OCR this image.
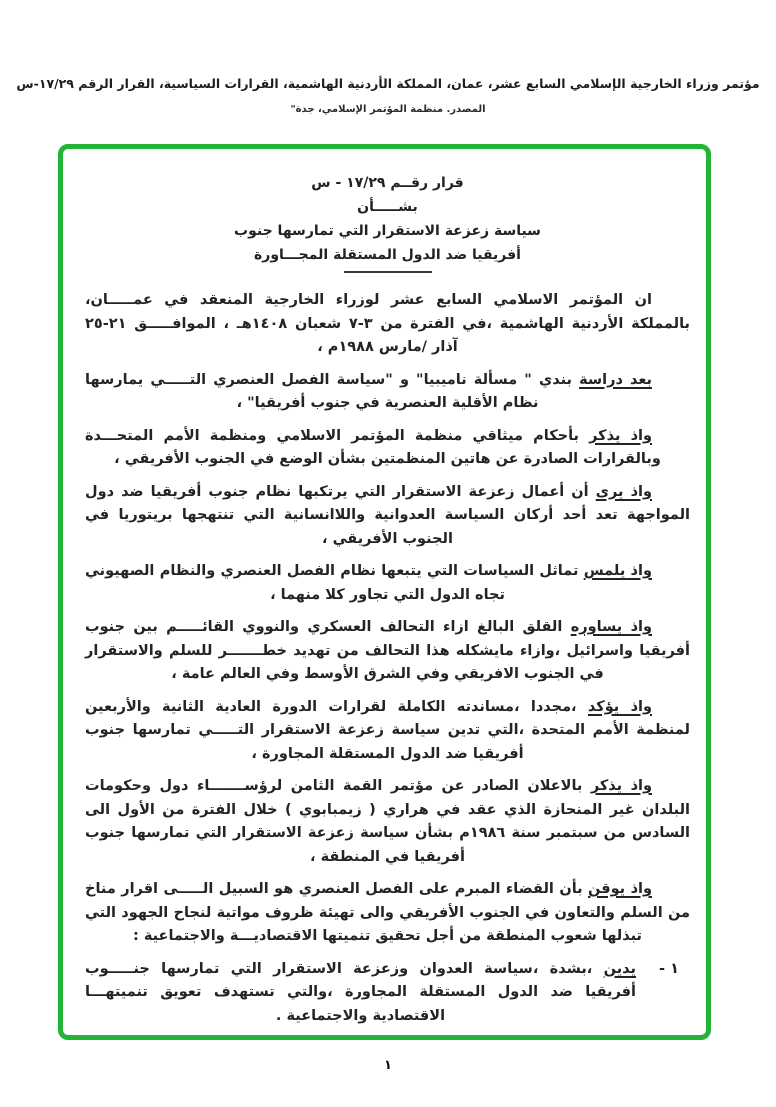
مؤتمر وزراء الخارجية الإسلامي السابع عشر، عمان، المملكة الأردنية الهاشمية، القرارات السياسية، القرار الرقم ١٧/٢٩-س
المصدر. منظمة المؤتمر الإسلامي، جدة"
قرار رقــم ١٧/٢٩ - س
بشـــــأن
سياسة زعزعة الاستقرار التي تمارسها جنوب
أفريقيا ضد الدول المستقلة المجـــاورة

ان المؤتمر الاسلامي السابع عشر لوزراء الخارجية المنعقد في عمـــــان، بالمملكة الأردنية الهاشمية ،في الفترة من ٣-٧ شعبان ١٤٠٨هـ ، الموافـــــق ٢١-٢٥ آذار /مارس ١٩٨٨م ،

بعد دراسة بندي " مسألة ناميبيا" و "سياسة الفصل العنصري التـــــي يمارسها نظام الأقلية العنصرية في جنوب أفريقيا" ،

واذ يذكر بأحكام ميثاقي منظمة المؤتمر الاسلامي ومنظمة الأمم المتحـــدة وبالقرارات الصادرة عن هاتين المنظمتين بشأن الوضع في الجنوب الأفريقي ،

واذ يرى أن أعمال زعزعة الاستقرار التي يرتكبها نظام جنوب أفريقيا ضد دول المواجهة تعد أحد أركان السياسة العدوانية واللاانسانية التي تنتهجها بريتوريا في الجنوب الأفريقي ،

واذ يلمس تماثل السياسات التي يتبعها نظام الفصل العنصري والنظام الصهيوني تجاه الدول التي تجاور كلا منهما ،

واذ يساوره القلق البالغ ازاء التحالف العسكري والنووي القائـــــم بين جنوب أفريقيا واسرائيل ،وازاء مايشكله هذا التحالف من تهديد خطـــــــر للسلم والاستقرار في الجنوب الافريقي وفي الشرق الأوسط وفي العالم عامة ،

واذ يؤكد ،مجددا ،مساندته الكاملة لقرارات الدورة العادية الثانية والأربعين لمنظمة الأمم المتحدة ،التي تدين سياسة زعزعة الاستقرار التـــــي تمارسها جنوب أفريقيا ضد الدول المستقلة المجاورة ،

واذ يذكر بالاعلان الصادر عن مؤتمر القمة الثامن لرؤســـــــاء دول وحكومات البلدان غير المنحازة الذي عقد في هراري ( زيمبابوي ) خلال الفترة من الأول الى السادس من سبتمبر سنة ١٩٨٦م بشأن سياسة زعزعة الاستقرار التي تمارسها جنوب أفريقيا في المنطقة ،

واذ يوقن بأن القضاء المبرم على الفصل العنصري هو السبيل الـــــى اقرار مناخ من السلم والتعاون في الجنوب الأفريقي والى تهيئة ظروف مواتية لنجاح الجهود التي تبذلها شعوب المنطقة من أجل تحقيق تنميتها الاقتصاديـــة والاجتماعية :

١ -
يدين ،بشدة ،سياسة العدوان وزعزعة الاستقرار التي تمارسها جنـــــوب أفريقيا ضد الدول المستقلة المجاورة ،والتي تستهدف تعويق تنميتهـــا الاقتصادية والاجتماعية .
١
